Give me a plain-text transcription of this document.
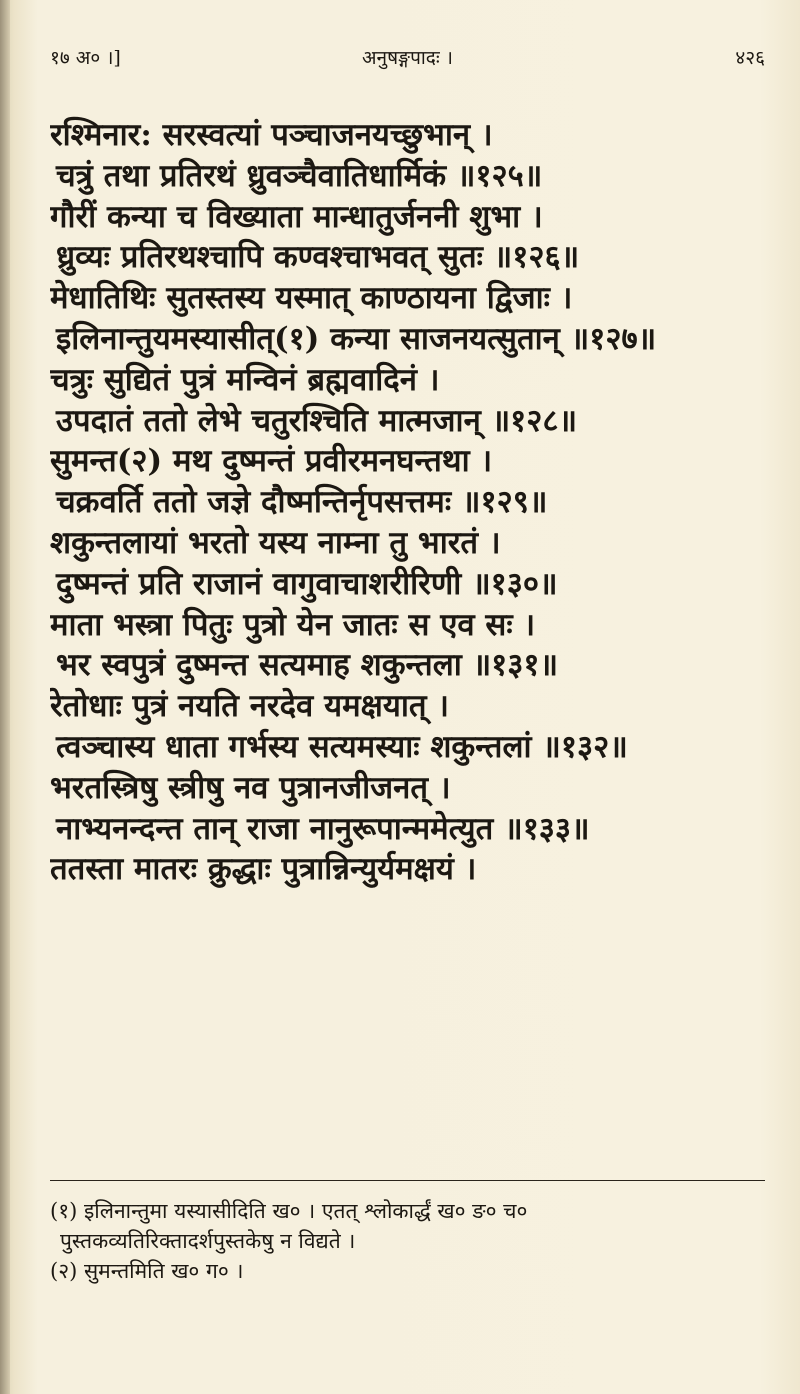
१७ अ० ।]	अनुषङ्गपादः ।	४२६
रश्मिनार: सरस्वत्यां पञ्चाजनयच्छुभान् ।
चत्रुं तथा प्रतिरथं ध्रुवञ्चैवातिधार्मिकं ॥१२५॥
गौरीं कन्या च विख्याता मान्धातुर्जननी शुभा ।
ध्रुव्यः प्रतिरथश्चापि कण्वश्चाभवत् सुतः ॥१२६॥
मेधातिथिः सुतस्तस्य यस्मात् काण्ठायना द्विजाः ।
इलिनान्तुयमस्यासीत्(१) कन्या साजनयत्सुतान् ॥१२७॥
चत्रुः सुद्यितं पुत्रं मन्विनं ब्रह्मवादिनं ।
उपदातं ततो लेभे चतुरश्चिति मात्मजान् ॥१२८॥
सुमन्त(२) मथ दुष्मन्तं प्रवीरमनघन्तथा ।
चक्रवर्ति ततो जज्ञे दौष्मन्तिर्नृपसत्तमः ॥१२९॥
शकुन्तलायां भरतो यस्य नाम्ना तु भारतं ।
दुष्मन्तं प्रति राजानं वागुवाचाशरीरिणी ॥१३०॥
माता भस्त्रा पितुः पुत्रो येन जातः स एव सः ।
भर स्वपुत्रं दुष्मन्त सत्यमाह शकुन्तला ॥१३१॥
रेतोधाः पुत्रं नयति नरदेव यमक्षयात् ।
त्वञ्चास्य धाता गर्भस्य सत्यमस्याः शकुन्तलां ॥१३२॥
भरतस्त्रिषु स्त्रीषु नव पुत्रानजीजनत् ।
नाभ्यनन्दन्त तान् राजा नानुरूपान्ममेत्युत ॥१३३॥
ततस्ता मातरः क्रुद्धाः पुत्रान्निन्युर्यमक्षयं ।
(१) इलिनान्तुमा यस्यासीदिति ख० । एतत् श्लोकार्द्धं ख० ङ० च०
पुस्तकव्यतिरिक्तादर्शपुस्तकेषु न विद्यते ।
(२) सुमन्तमिति ख० ग० ।
